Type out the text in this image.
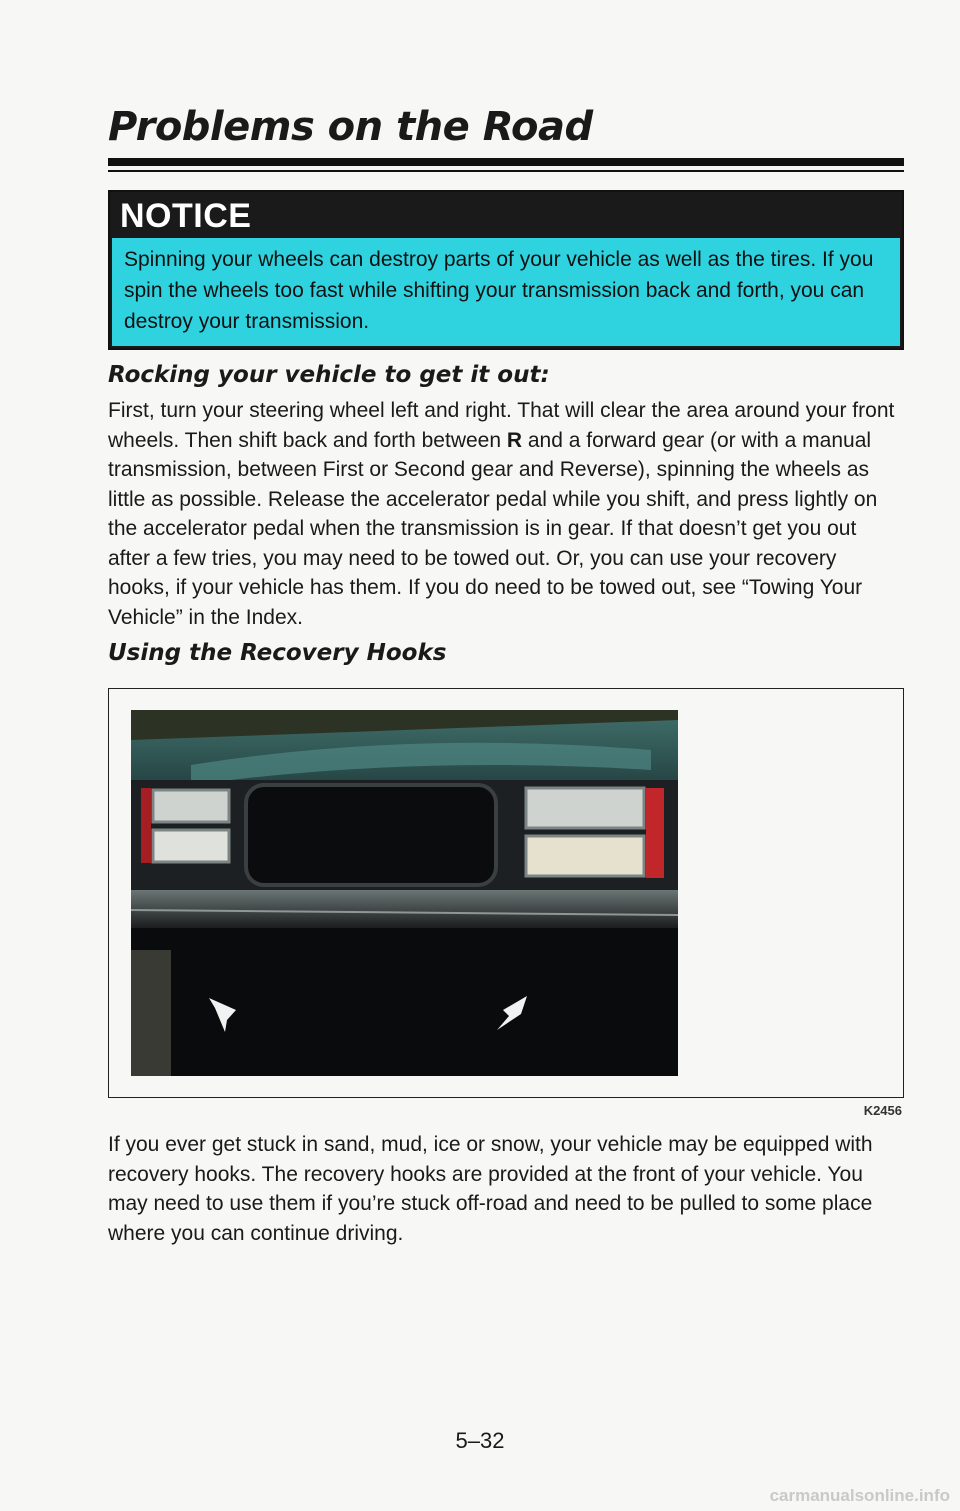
Problems on the Road
NOTICE
Spinning your wheels can destroy parts of your vehicle as well as the tires. If you spin the wheels too fast while shifting your transmission back and forth, you can destroy your transmission.
Rocking your vehicle to get it out:

First, turn your steering wheel left and right. That will clear the area around your front wheels. Then shift back and forth between R and a forward gear (or with a manual transmission, between First or Second gear and Reverse), spinning the wheels as little as possible. Release the accelerator pedal while you shift, and press lightly on the accelerator pedal when the transmission is in gear. If that doesn’t get you out after a few tries, you may need to be towed out. Or, you can use your recovery hooks, if your vehicle has them. If you do need to be towed out, see “Towing Your Vehicle” in the Index.

Using the Recovery Hooks
K2456

If you ever get stuck in sand, mud, ice or snow, your vehicle may be equipped with recovery hooks. The recovery hooks are provided at the front of your vehicle. You may need to use them if you’re stuck off-road and need to be pulled to some place where you can continue driving.

5–32
carmanualsonline.info
